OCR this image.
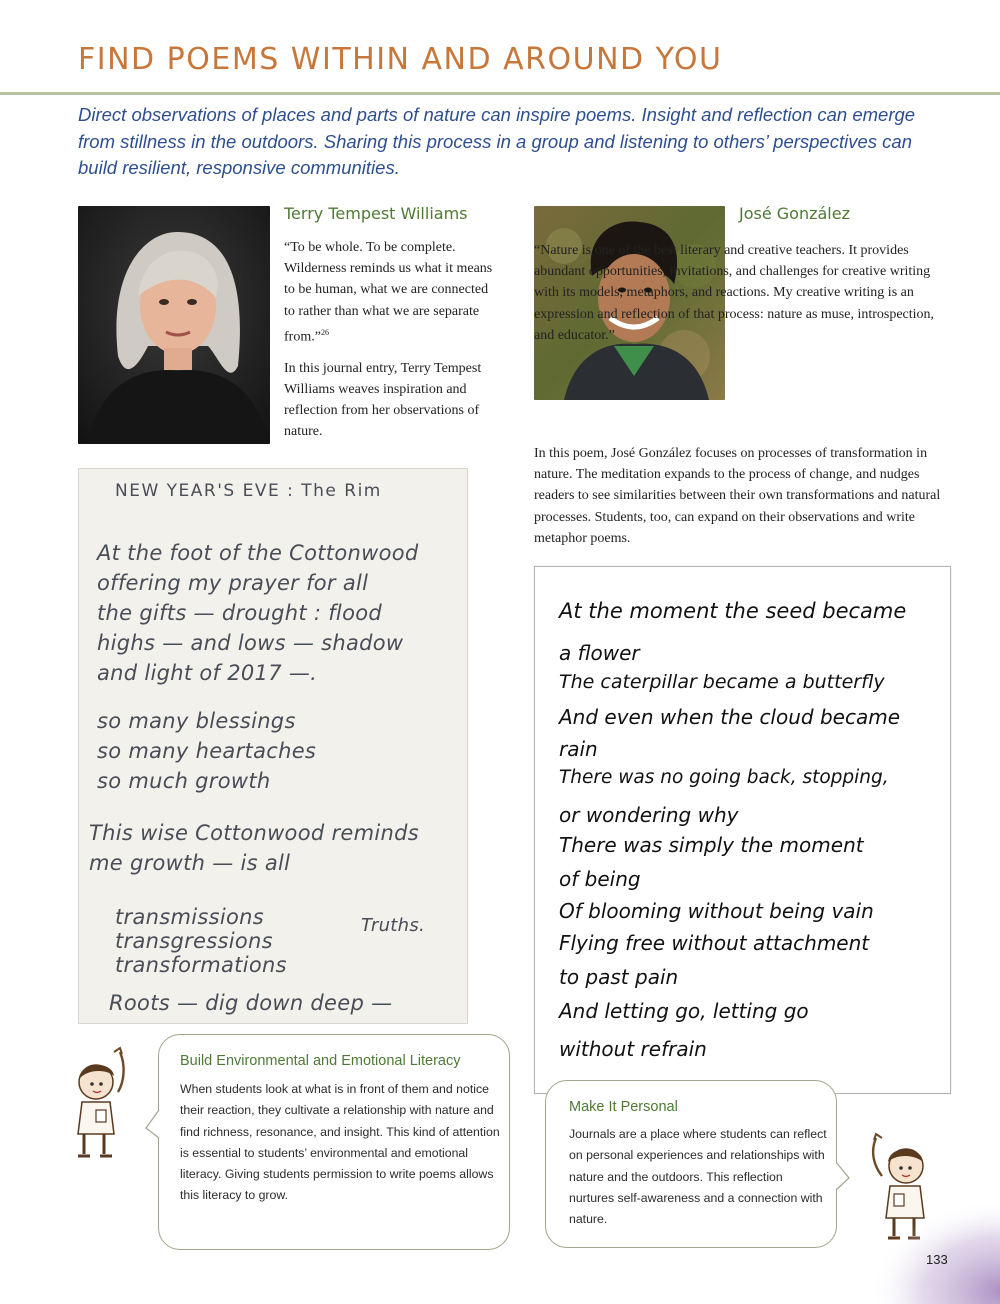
FIND POEMS WITHIN AND AROUND YOU

Direct observations of places and parts of nature can inspire poems. Insight and reflection can emerge from stillness in the outdoors. Sharing this process in a group and listening to others’ perspectives can build resilient, responsive communities.

Terry Tempest Williams

“To be whole. To be complete. Wilderness reminds us what it means to be human, what we are connected to rather than what we are separate from.”$^{26}$

In this journal entry, Terry Tempest Williams weaves inspiration and reflection from her observations of nature.

José González

“Nature is one of the best literary and creative teachers. It provides abundant opportunities, invitations, and challenges for creative writing with its models, metaphors, and reactions. My creative writing is an expression and reflection of that process: nature as muse, introspection, and educator.”

In this poem, José González focuses on processes of transformation in nature. The meditation expands to the process of change, and nudges readers to see similarities between their own transformations and natural processes. Students, too, can expand on their observations and write metaphor poems.

NEW YEAR'S EVE : The Rim
At the foot of the Cottonwood
offering my prayer for all
the gifts — drought : flood
highs — and lows — shadow
and light of 2017 —.
so many blessings
so many heartaches
so much growth
This wise Cottonwood reminds
me growth — is all
transmissions	Truths.
transgressions
transformations
Roots — dig down deep —
At the moment the seed became
a flower
The caterpillar became a butterfly
And even when the cloud became
rain
There was no going back, stopping,
or wondering why
There was simply the moment
of being
Of blooming without being vain
Flying free without attachment
to past pain
And letting go, letting go
without refrain
Build Environmental and Emotional Literacy

When students look at what is in front of them and notice their reaction, they cultivate a relationship with nature and find richness, resonance, and insight. This kind of attention is essential to students’ environmental and emotional literacy. Giving students permission to write poems allows this literacy to grow.

Make It Personal

Journals are a place where students can reflect on personal experiences and relationships with nature and the outdoors. This reflection nurtures self-awareness and a connection with nature.

133
